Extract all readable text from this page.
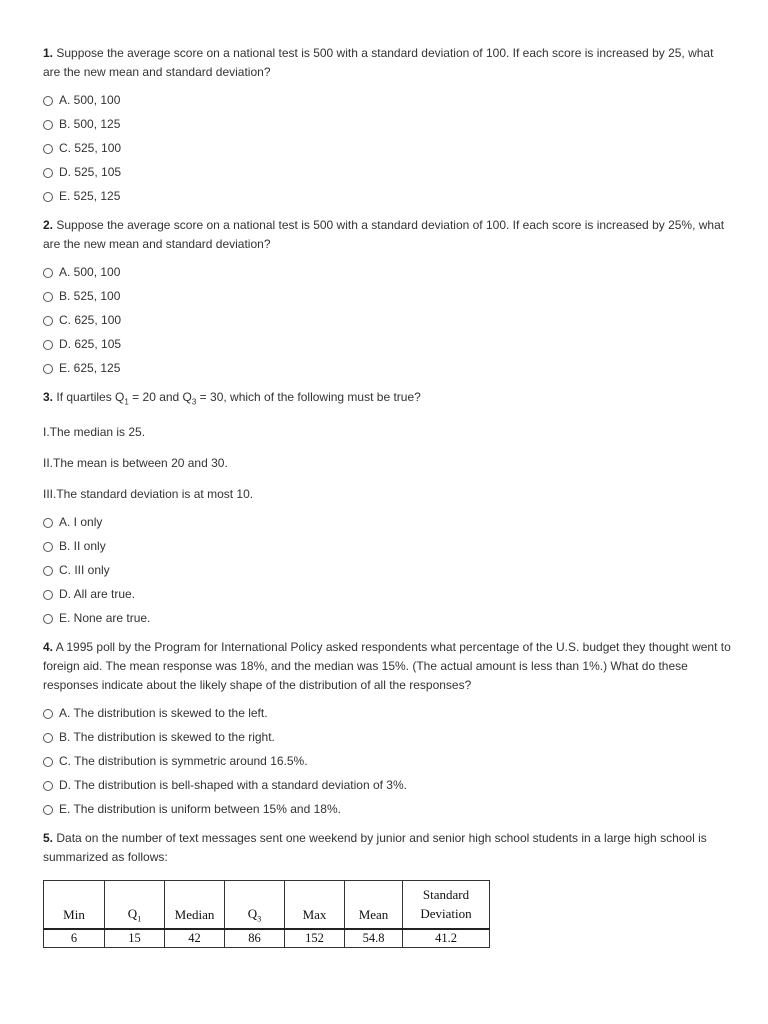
1. Suppose the average score on a national test is 500 with a standard deviation of 100. If each score is increased by 25, what are the new mean and standard deviation?

A. 500, 100
B. 500, 125
C. 525, 100
D. 525, 105
E. 525, 125

2. Suppose the average score on a national test is 500 with a standard deviation of 100. If each score is increased by 25%, what are the new mean and standard deviation?

A. 500, 100
B. 525, 100
C. 625, 100
D. 625, 105
E. 625, 125

3. If quartiles $Q_1 = 20$ and $Q_3 = 30$, which of the following must be true?

I.The median is 25.

II.The mean is between 20 and 30.

III.The standard deviation is at most 10.

A. I only
B. II only
C. III only
D. All are true.
E. None are true.

4. A 1995 poll by the Program for International Policy asked respondents what percentage of the U.S. budget they thought went to foreign aid. The mean response was 18%, and the median was 15%. (The actual amount is less than 1%.) What do these responses indicate about the likely shape of the distribution of all the responses?

A. The distribution is skewed to the left.
B. The distribution is skewed to the right.
C. The distribution is symmetric around 16.5%.
D. The distribution is bell-shaped with a standard deviation of 3%.
E. The distribution is uniform between 15% and 18%.

5. Data on the number of text messages sent one weekend by junior and senior high school students in a large high school is summarized as follows:

Min	$Q_1$	Median	$Q_3$	Max	Mean	Standard
Deviation
6	15	42	86	152	54.8	41.2
